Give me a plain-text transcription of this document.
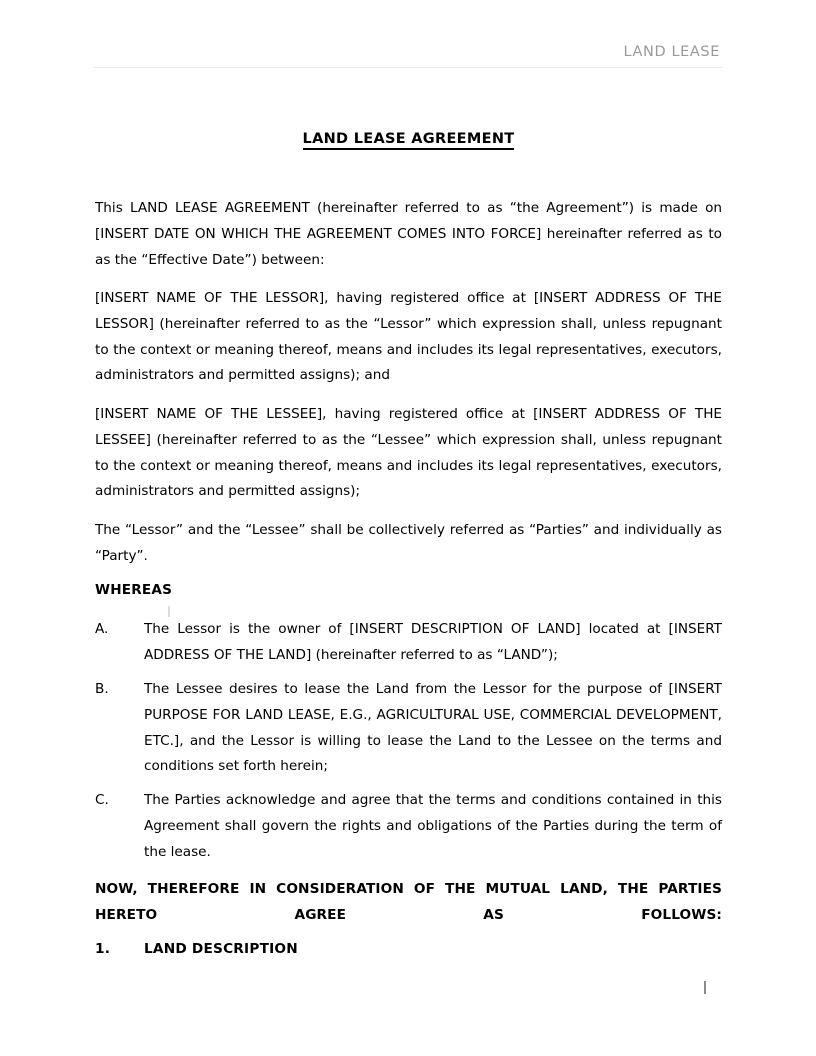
LAND LEASE
LAND LEASE AGREEMENT

This LAND LEASE AGREEMENT (hereinafter referred to as “the Agreement”) is made on [INSERT DATE ON WHICH THE AGREEMENT COMES INTO FORCE] hereinafter referred as to as the “Effective Date”) between:

[INSERT NAME OF THE LESSOR], having registered office at [INSERT ADDRESS OF THE LESSOR] (hereinafter referred to as the “Lessor” which expression shall, unless repugnant to the context or meaning thereof, means and includes its legal representatives, executors, administrators and permitted assigns); and

[INSERT NAME OF THE LESSEE], having registered office at [INSERT ADDRESS OF THE LESSEE] (hereinafter referred to as the “Lessee” which expression shall, unless repugnant to the context or meaning thereof, means and includes its legal representatives, executors, administrators and permitted assigns);

The “Lessor” and the “Lessee” shall be collectively referred as “Parties” and individually as “Party”.

WHEREAS
A.	The Lessor is the owner of [INSERT DESCRIPTION OF LAND] located at [INSERT ADDRESS OF THE LAND] (hereinafter referred to as “LAND”);
B.	The Lessee desires to lease the Land from the Lessor for the purpose of [INSERT PURPOSE FOR LAND LEASE, E.G., AGRICULTURAL USE, COMMERCIAL DEVELOPMENT, ETC.], and the Lessor is willing to lease the Land to the Lessee on the terms and conditions set forth herein;
C.	The Parties acknowledge and agree that the terms and conditions contained in this Agreement shall govern the rights and obligations of the Parties during the term of the lease.
NOW, THEREFORE IN CONSIDERATION OF THE MUTUAL LAND, THE PARTIES HERETO AGREE AS FOLLOWS:
1. LAND DESCRIPTION
